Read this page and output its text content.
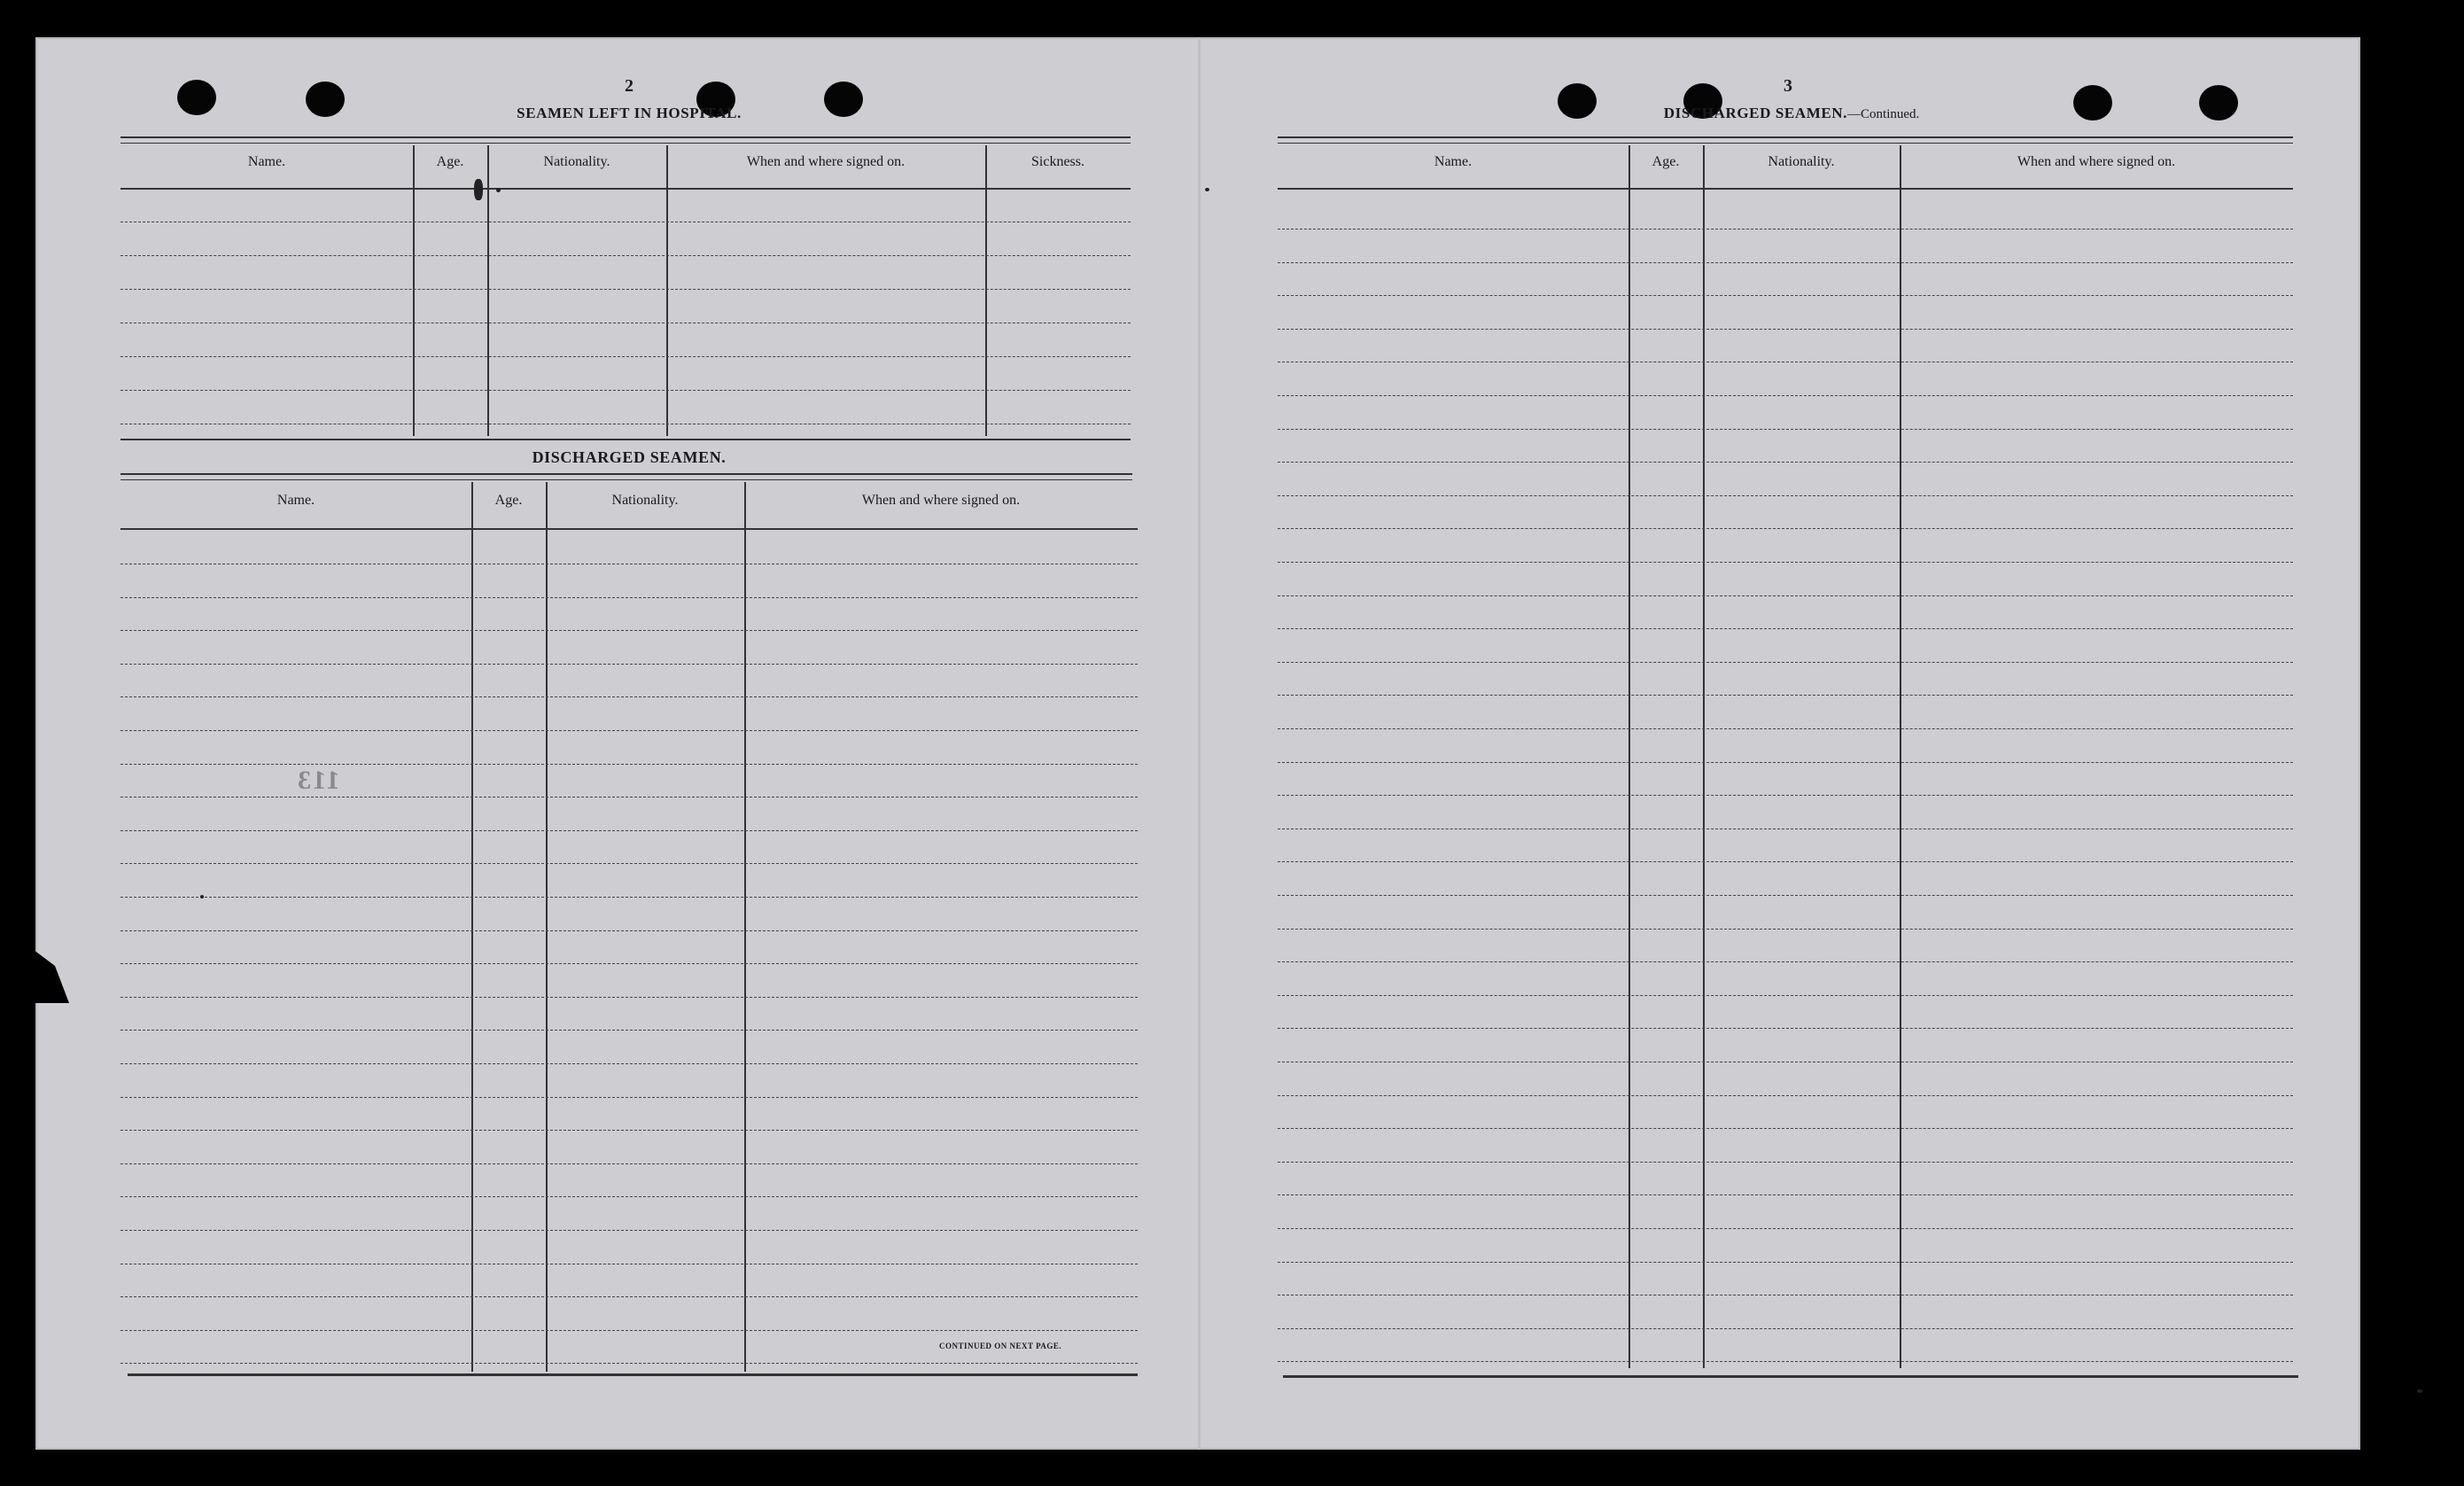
2
SEAMEN LEFT IN HOSPITAL.
Name.	Age.	Nationality.	When and where signed on.	Sickness.
DISCHARGED SEAMEN.
Name.	Age.	Nationality.	When and where signed on.
CONTINUED ON NEXT PAGE.
113
3
DISCHARGED SEAMEN.—Continued.
Name.	Age.	Nationality.	When and where signed on.
